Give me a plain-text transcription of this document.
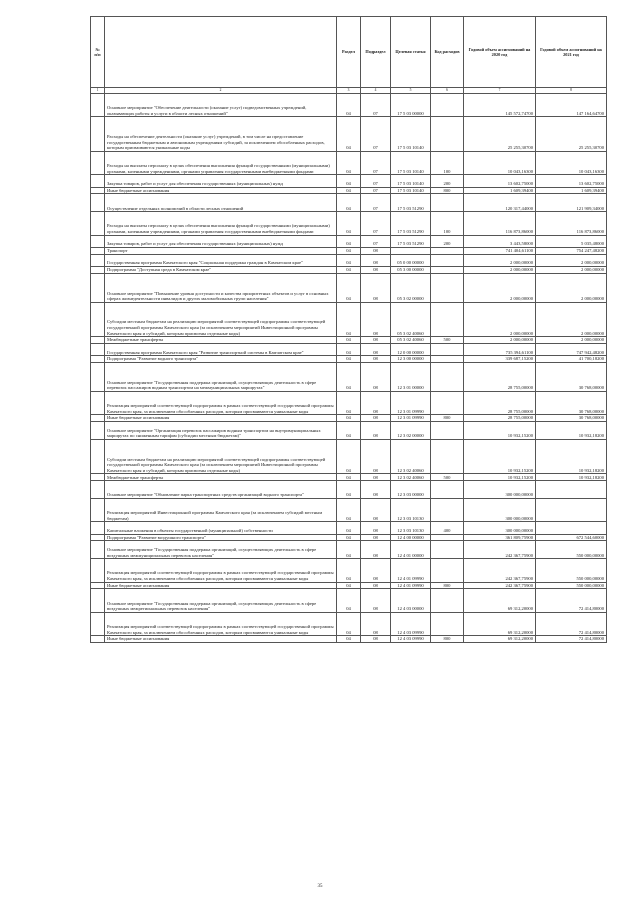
№ п/п		Раздел	Подраздел	Целевая статья	Код расходов	Годовой объем ассигнований на 2020 год	Годовой объем ассигнований на 2021 год
1	2	3	4	5	6	7	8
	Основное мероприятие "Обеспечение деятельности (оказание услуг) подведомственных учреждений, оказывающих работы и услуги в области лесных отношений"	04	07	17 5 03 00000		145 572,74700	147 164,64700
	Расходы на обеспечение деятельности (оказание услуг) учреждений, в том числе на предоставление государственным бюджетным и автономным учреждениям субсидий, за исключением обособленных расходов, которым присваиваются уникальные коды	04	07	17 5 03 10140		25 255,30700	25 255,30700
	Расходы на выплаты персоналу в целях обеспечения выполнения функций государственными (муниципальными) органами, казенными учреждениями, органами управления государственными внебюджетными фондами	04	07	17 5 03 10140	100	10 043,16300	10 043,16300
	Закупка товаров, работ и услуг для обеспечения государственных (муниципальных) нужд	04	07	17 5 03 10140	200	13 602,75000	13 602,75000
	Иные бюджетные ассигнования	04	07	17 5 03 10140	800	1 609,39400	1 609,39400
	Осуществление отдельных полномочий в области лесных отношений	04	07	17 5 03 51290		120 317,44000	121 909,34000
	Расходы на выплаты персоналу в целях обеспечения выполнения функций государственными (муниципальными) органами, казенными учреждениями, органами управления государственными внебюджетными фондами	04	07	17 5 03 51290	100	116 873,86000	116 873,86000
	Закупка товаров, работ и услуг для обеспечения государственных (муниципальных) нужд	04	07	17 5 03 51290	200	3 443,58000	5 035,48000
	Транспорт	04	08			741 404,61100	754 247,48200
	Государственная программа Камчатского края "Социальная поддержка граждан в Камчатском крае"	04	08	05 0 00 00000		2 000,00000	2 000,00000
	Подпрограмма "Доступная среда в Камчатском крае"	04	08	05 3 00 00000		2 000,00000	2 000,00000
	Основное мероприятие "Повышение уровня доступности и качества приоритетных объектов и услуг в основных сферах жизнедеятельности инвалидов и других маломобильных групп населения"	04	08	05 3 02 00000		2 000,00000	2 000,00000
	Субсидии местным бюджетам на реализацию мероприятий соответствующей подпрограммы соответствующей государственной программы Камчатского края (за исключением мероприятий Инвестиционной программы Камчатского края и субсидий, которым присвоены отдельные коды)	04	08	05 3 02 40060		2 000,00000	2 000,00000
	Межбюджетные трансферты	04	08	05 3 02 40060	500	2 000,00000	2 000,00000
	Государственная программа Камчатского края "Развитие транспортной системы в Камчатском крае"	04	08	12 0 00 00000		735 394,61100	747 942,48200
	Подпрограмма "Развитие водного транспорта"	04	08	12 3 00 00000		339 687,15200	41 700,18200
	Основное мероприятие "Государственная поддержка организаций, осуществляющих деятельность в сфере перевозок пассажиров водным транспортом на межмуниципальных маршрутах"	04	08	12 3 01 00000		28 755,00000	30 768,00000
	Реализация мероприятий соответствующей подпрограммы в рамках соответствующей государственной программы Камчатского края, за исключением обособленных расходов, которым присваиваются уникальные коды	04	08	12 3 01 09990		28 755,00000	30 768,00000
	Иные бюджетные ассигнования	04	08	12 3 01 09990	800	28 755,00000	30 768,00000
	Основное мероприятие "Организация перевозок пассажиров водным транспортом на внутримуниципальных маршрутах по сниженным тарифам (субсидии местным бюджетам)"	04	08	12 3 02 00000		10 932,15200	10 932,18200
	Субсидии местным бюджетам на реализацию мероприятий соответствующей подпрограммы соответствующей государственной программы Камчатского края (за исключением мероприятий Инвестиционной программы Камчатского края и субсидий, которым присвоены отдельные коды)	04	08	12 3 02 40060		10 932,15200	10 932,18200
	Межбюджетные трансферты	04	08	12 3 02 40060	500	10 932,15200	10 932,18200
	Основное мероприятие "Обновление парка транспортных средств организаций водного транспорта"	04	08	12 3 03 00000		300 000,00000	
	Реализация мероприятий Инвестиционной программы Камчатского края (за исключением субсидий местным бюджетам)	04	08	12 3 03 10130		300 000,00000	
	Капитальные вложения в объекты государственной (муниципальной) собственности	04	08	12 3 03 10130	400	300 000,00000	
	Подпрограмма "Развитие воздушного транспорта"	04	08	12 4 00 00000		361 809,75900	672 544,60000
	Основное мероприятие "Государственная поддержка организаций, осуществляющих деятельность в сфере воздушных межмуниципальных перевозок населения"	04	08	12 4 01 00000		242 367,75900	550 000,00000
	Реализация мероприятий соответствующей подпрограммы в рамках соответствующей государственной программы Камчатского края, за исключением обособленных расходов, которым присваиваются уникальные коды	04	08	12 4 01 09990		242 367,75900	550 000,00000
	Иные бюджетные ассигнования	04	08	12 4 01 09990	800	242 367,75900	550 000,00000
	Основное мероприятие "Государственная поддержка организаций, осуществляющих деятельность в сфере воздушных межрегиональных перевозок населения"	04	08	12 4 03 00000		69 312,20000	72 414,80000
	Реализация мероприятий соответствующей подпрограммы в рамках соответствующей государственной программы Камчатского края, за исключением обособленных расходов, которым присваиваются уникальные коды	04	08	12 4 03 09990		69 312,20000	72 414,80000
	Иные бюджетные ассигнования	04	08	12 4 03 09990	800	69 312,20000	72 414,80000
35
